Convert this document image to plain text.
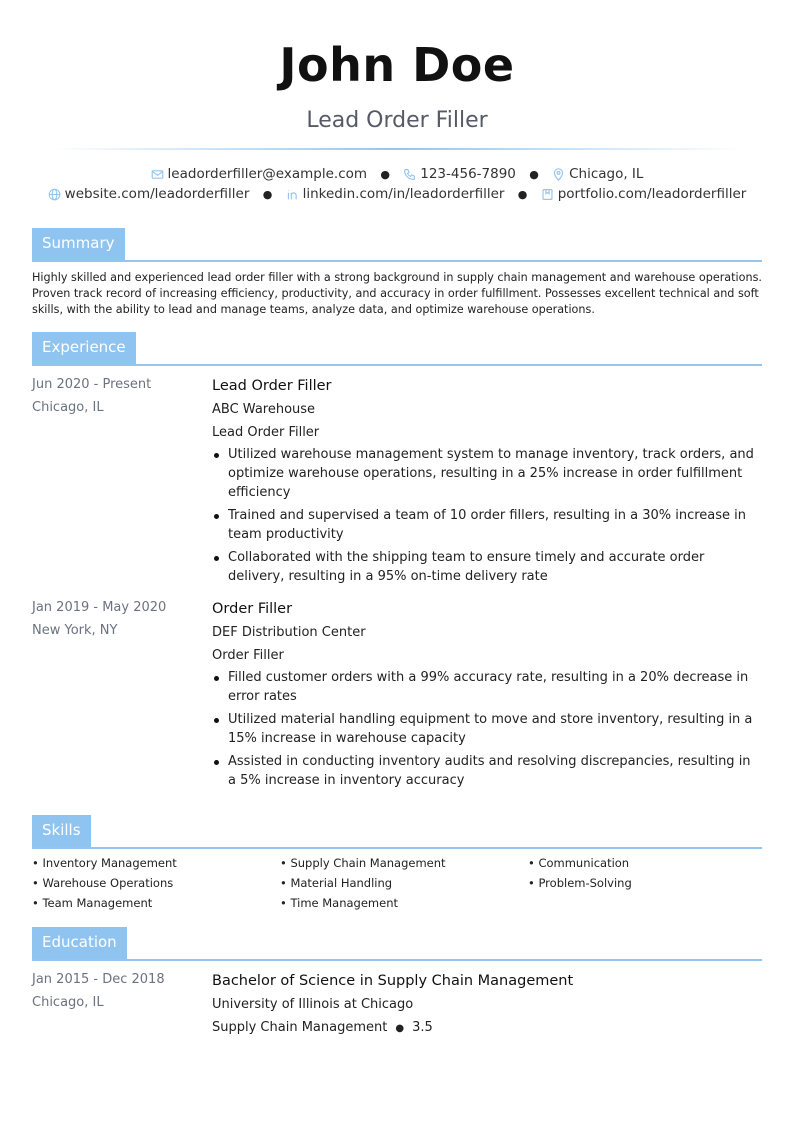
John Doe
Lead Order Filler
leadorderfiller@example.com ● 123-456-7890 ● Chicago, IL
website.com/leadorderfiller ● linkedin.com/in/leadorderfiller ● portfolio.com/leadorderfiller
Summary
Highly skilled and experienced lead order filler with a strong background in supply chain management and warehouse operations. Proven track record of increasing efficiency, productivity, and accuracy in order fulfillment. Possesses excellent technical and soft skills, with the ability to lead and manage teams, analyze data, and optimize warehouse operations.
Experience
Jun 2020 - Present
Chicago, IL
Lead Order Filler
ABC Warehouse
Lead Order Filler
Utilized warehouse management system to manage inventory, track orders, and optimize warehouse operations, resulting in a 25% increase in order fulfillment efficiency
Trained and supervised a team of 10 order fillers, resulting in a 30% increase in team productivity
Collaborated with the shipping team to ensure timely and accurate order delivery, resulting in a 95% on-time delivery rate
Jan 2019 - May 2020
New York, NY
Order Filler
DEF Distribution Center
Order Filler
Filled customer orders with a 99% accuracy rate, resulting in a 20% decrease in error rates
Utilized material handling equipment to move and store inventory, resulting in a 15% increase in warehouse capacity
Assisted in conducting inventory audits and resolving discrepancies, resulting in a 5% increase in inventory accuracy
Skills
• Inventory Management	• Supply Chain Management	• Communication
• Warehouse Operations	• Material Handling	• Problem-Solving
• Team Management	• Time Management
Education
Jan 2015 - Dec 2018
Chicago, IL
Bachelor of Science in Supply Chain Management
University of Illinois at Chicago
Supply Chain Management ● 3.5
